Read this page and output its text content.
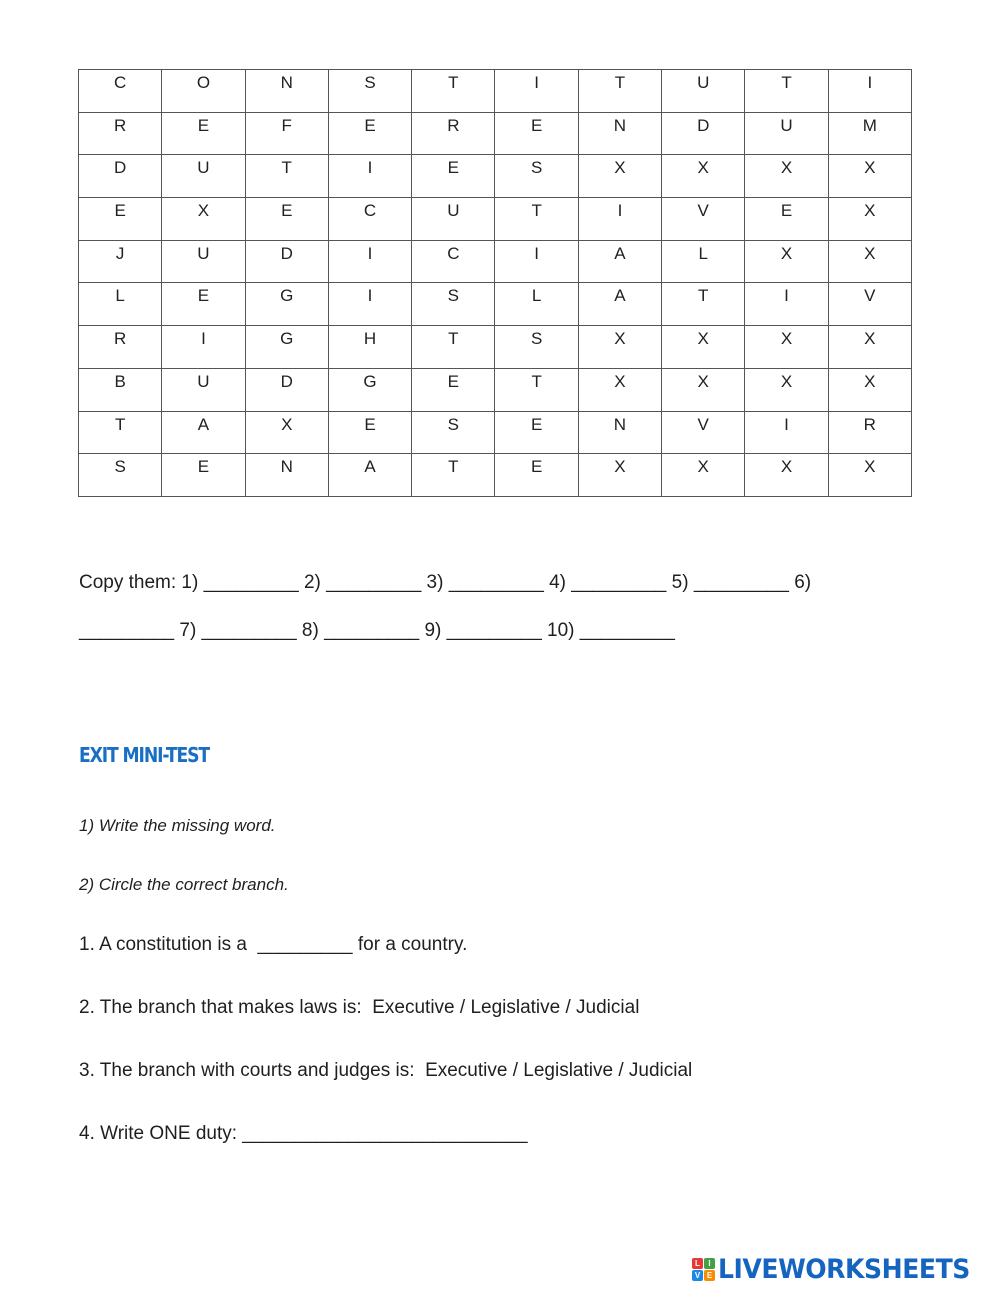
C	O	N	S	T	I	T	U	T	I
R	E	F	E	R	E	N	D	U	M
D	U	T	I	E	S	X	X	X	X
E	X	E	C	U	T	I	V	E	X
J	U	D	I	C	I	A	L	X	X
L	E	G	I	S	L	A	T	I	V
R	I	G	H	T	S	X	X	X	X
B	U	D	G	E	T	X	X	X	X
T	A	X	E	S	E	N	V	I	R
S	E	N	A	T	E	X	X	X	X
Copy them: 1) _________ 2) _________ 3) _________ 4) _________ 5) _________ 6)
_________ 7) _________ 8) _________ 9) _________ 10) _________
EXIT MINI-TEST
1) Write the missing word.
2) Circle the correct branch.
1. A constitution is a  _________ for a country.
2. The branch that makes laws is:  Executive / Legislative / Judicial
3. The branch with courts and judges is:  Executive / Legislative / Judicial
4. Write ONE duty: ___________________________
L	I
V E LIVEWORKSHEETS
